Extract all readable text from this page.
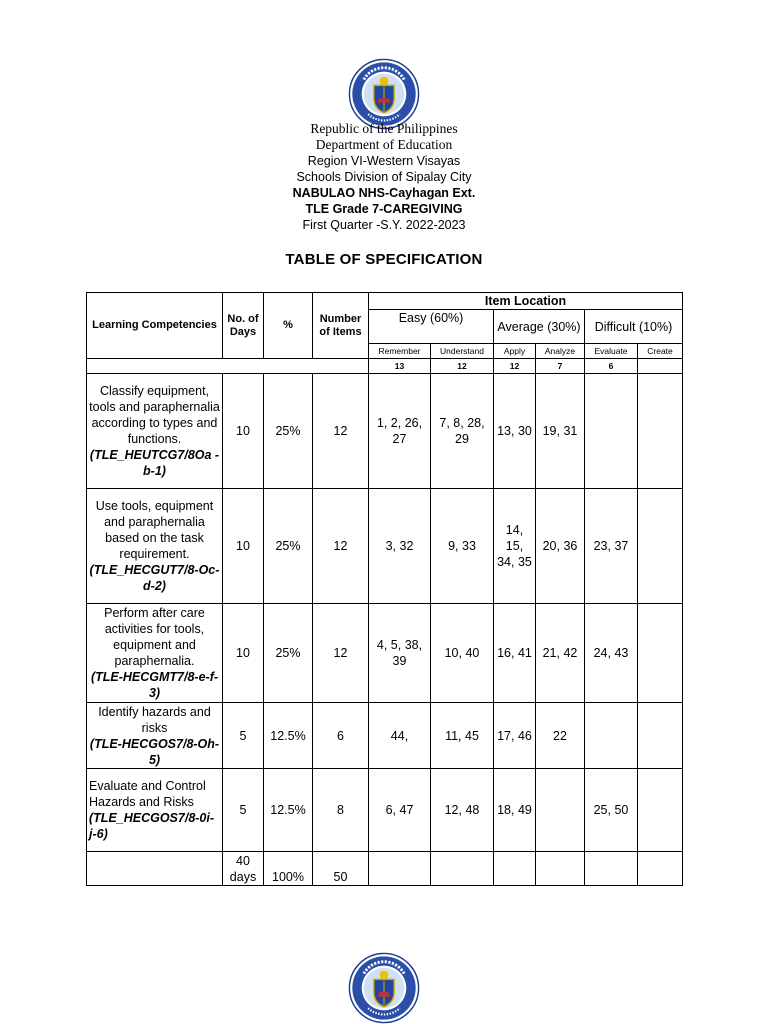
Republic of the Philippines
Department of Education
Region VI-Western Visayas
Schools Division of Sipalay City
NABULAO NHS-Cayhagan Ext.
TLE Grade 7-CAREGIVING
First Quarter -S.Y. 2022-2023
TABLE OF SPECIFICATION
Learning Competencies	No. of Days	%	Number of Items	Item Location					
				Easy (60%)		Average (30%)		Difficult (10%)	
				Remember	Understand	Apply	Analyze	Evaluate	Create
				13	12	12	7	6	
Classify equipment, tools and paraphernalia according to types and functions.
(TLE_HEUTCG7/8Oa -b-1)	10	25%	12	1, 2, 26, 27	7, 8, 28, 29	13, 30	19, 31		
Use tools, equipment and paraphernalia based on the task requirement.
(TLE_HECGUT7/8-Oc-d-2)	10	25%	12	3, 32	9, 33	14, 15, 34, 35	20, 36	23, 37	
Perform after care activities for tools, equipment and paraphernalia.
(TLE-HECGMT7/8-e-f-3)	10	25%	12	4, 5, 38, 39	10, 40	16, 41	21, 42	24, 43	
Identify hazards and risks
(TLE-HECGOS7/8-Oh-5)	5	12.5%	6	44,	11, 45	17, 46	22		
Evaluate and Control Hazards and Risks
(TLE_HECGOS7/8-0i-j-6)	5	12.5%	8	6, 47	12, 48	18, 49		25, 50	
	40 days	100%	50						
